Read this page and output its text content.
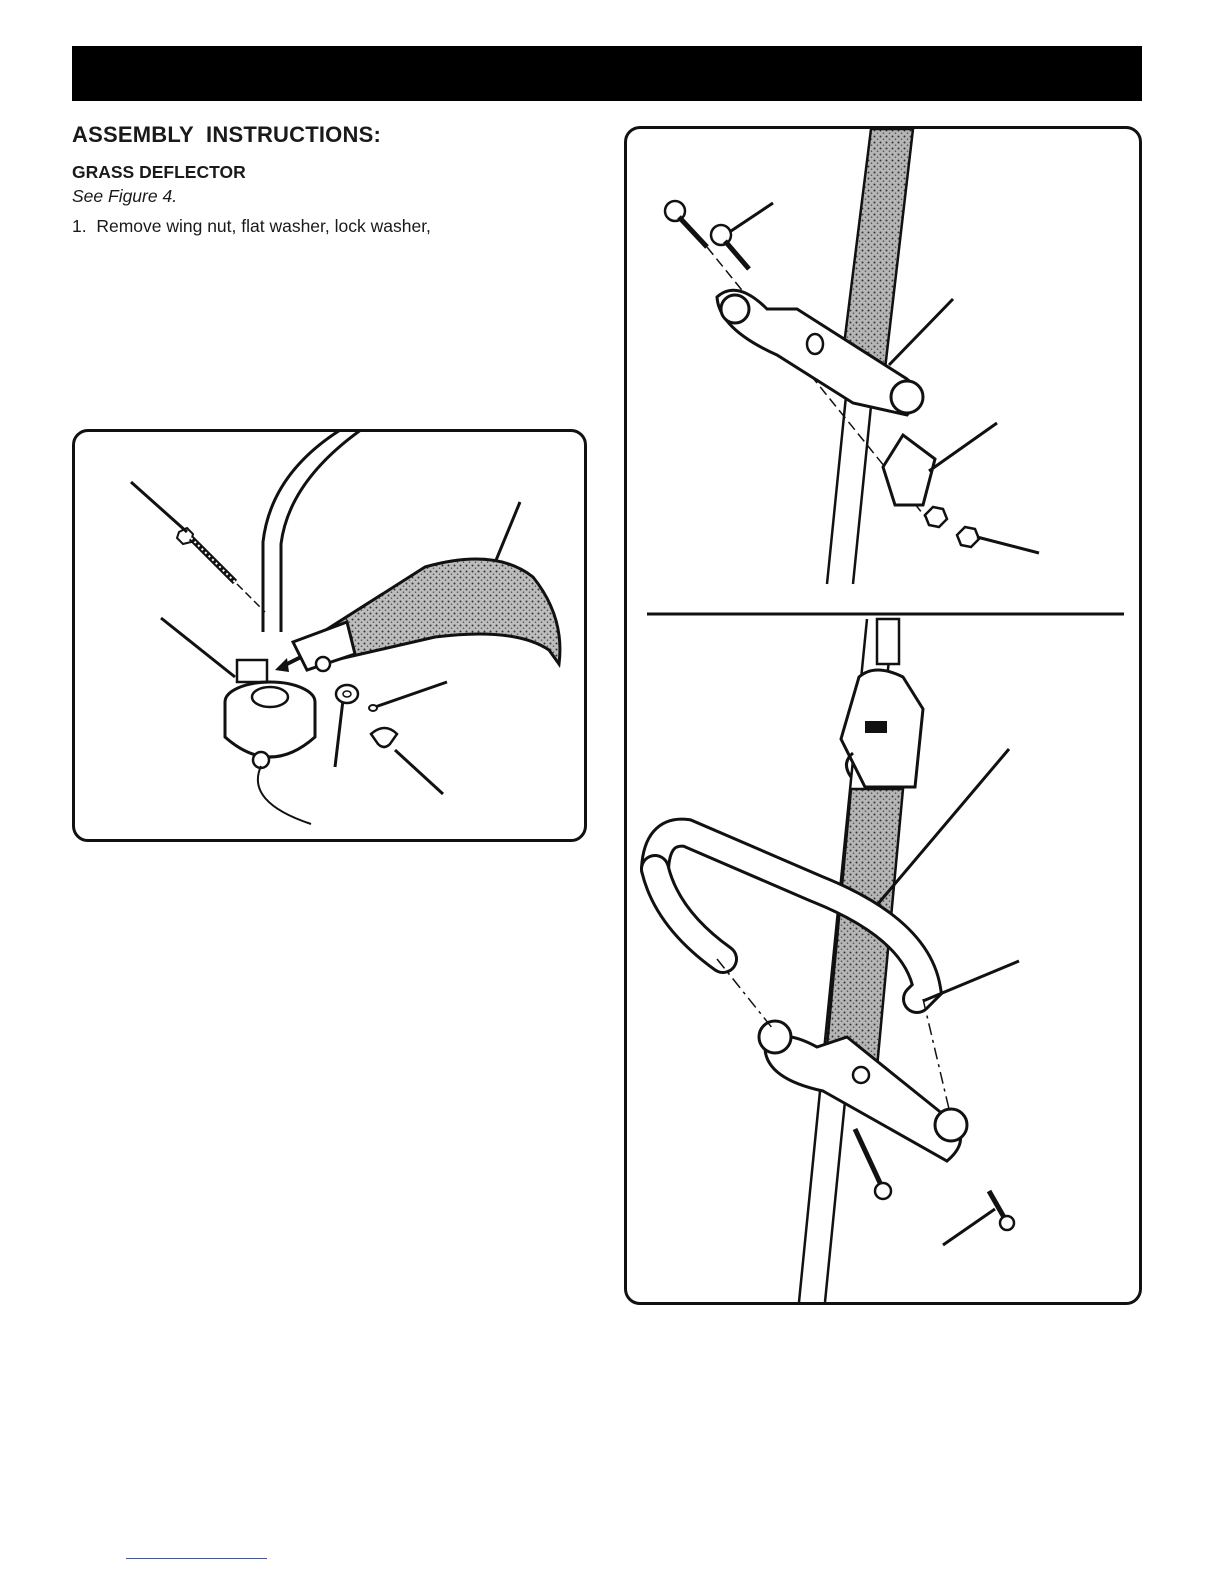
ASSEMBLY  INSTRUCTIONS:
GRASS DEFLECTOR
See Figure 4.
1.  Remove wing nut, flat washer, lock washer,
